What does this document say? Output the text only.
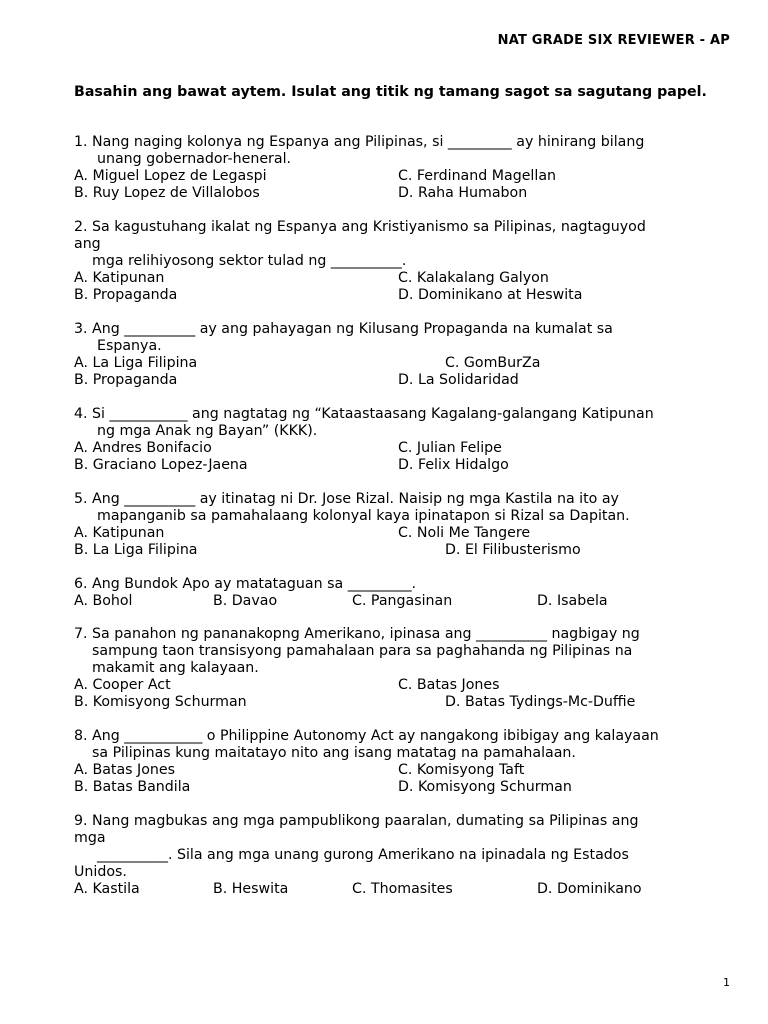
NAT GRADE SIX REVIEWER - AP
Basahin ang bawat aytem. Isulat ang titik ng tamang sagot sa sagutang papel.
1. Nang naging kolonya ng Espanya ang Pilipinas, si _________ ay hinirang bilang
unang gobernador-heneral.
A. Miguel Lopez de Legaspi	C. Ferdinand Magellan
B. Ruy Lopez de Villalobos	D. Raha Humabon
2. Sa kagustuhang ikalat ng Espanya ang Kristiyanismo sa Pilipinas, nagtaguyod
ang
mga relihiyosong sektor tulad ng __________.
A. Katipunan	C. Kalakalang Galyon
B. Propaganda	D. Dominikano at Heswita
3. Ang __________ ay ang pahayagan ng Kilusang Propaganda na kumalat sa
Espanya.
A. La Liga Filipina	C. GomBurZa
B. Propaganda	D. La Solidaridad
4. Si ___________ ang nagtatag ng “Kataastaasang Kagalang-galangang Katipunan
ng mga Anak ng Bayan” (KKK).
A. Andres Bonifacio	C. Julian Felipe
B. Graciano Lopez-Jaena	D. Felix Hidalgo
5. Ang __________ ay itinatag ni Dr. Jose Rizal. Naisip ng mga Kastila na ito ay
mapanganib sa pamahalaang kolonyal kaya ipinatapon si Rizal sa Dapitan.
A. Katipunan	C. Noli Me Tangere
B. La Liga Filipina	D. El Filibusterismo
6. Ang Bundok Apo ay matataguan sa _________.
A. Bohol	B. Davao	C. Pangasinan	D. Isabela
7. Sa panahon ng pananakopng Amerikano, ipinasa ang __________ nagbigay ng
sampung taon transisyong pamahalaan para sa paghahanda ng Pilipinas na
makamit ang kalayaan.
A. Cooper Act	C. Batas Jones
B. Komisyong Schurman	D. Batas Tydings-Mc-Duffie
8. Ang ___________ o Philippine Autonomy Act ay nangakong ibibigay ang kalayaan
sa Pilipinas kung maitatayo nito ang isang matatag na pamahalaan.
A. Batas Jones	C. Komisyong Taft
B. Batas Bandila	D. Komisyong Schurman
9. Nang magbukas ang mga pampublikong paaralan, dumating sa Pilipinas ang
mga
__________. Sila ang mga unang gurong Amerikano na ipinadala ng Estados
Unidos.
A. Kastila	B. Heswita	C. Thomasites	D. Dominikano
1
